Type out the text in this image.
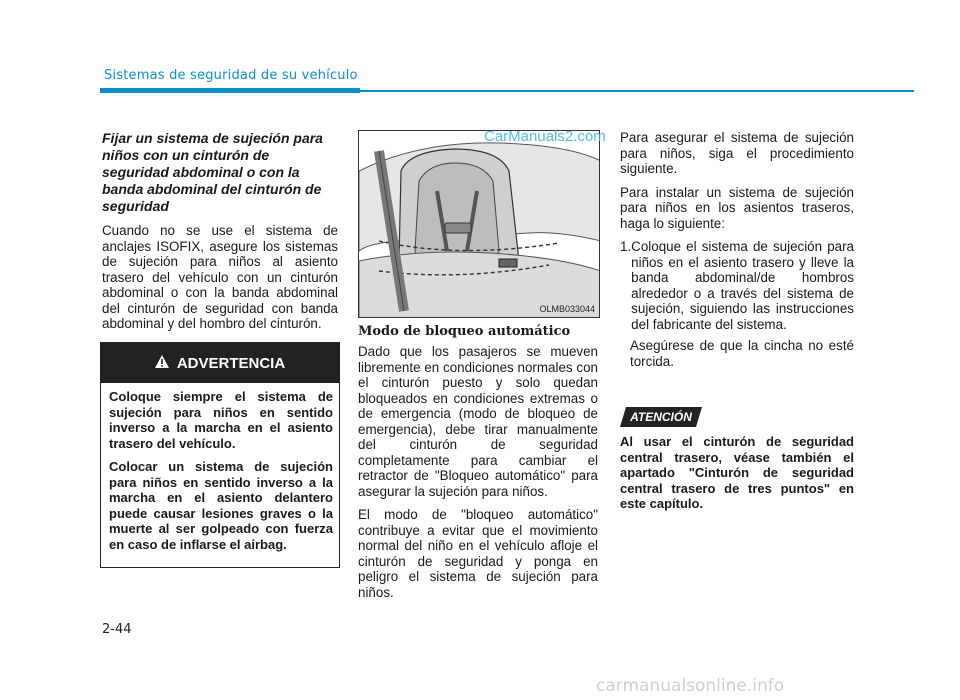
Sistemas de seguridad de su vehículo

Fijar un sistema de sujeción para niños con un cinturón de seguridad abdominal o con la banda abdominal del cinturón de seguridad

Cuando no se use el sistema de anclajes ISOFIX, asegure los sistemas de sujeción para niños al asiento trasero del vehículo con un cinturón abdominal o con la banda abdominal del cinturón de seguridad con banda abdominal y del hombro del cinturón.

ADVERTENCIA

Coloque siempre el sistema de sujeción para niños en sentido inverso a la marcha en el asiento trasero del vehículo.

Colocar un sistema de sujeción para niños en sentido inverso a la marcha en el asiento delantero puede causar lesiones graves o la muerte al ser golpeado con fuerza en caso de inflarse el airbag.

OLMB033044
CarManuals2.com
Modo de bloqueo automático

Dado que los pasajeros se mueven libremente en condiciones normales con el cinturón puesto y solo quedan bloqueados en condiciones extremas o de emergencia (modo de bloqueo de emergencia), debe tirar manualmente del cinturón de seguridad completamente para cambiar el retractor de "Bloqueo automático" para asegurar la sujeción para niños.

El modo de "bloqueo automático" contribuye a evitar que el movimiento normal del niño en el vehículo afloje el cinturón de seguridad y ponga en peligro el sistema de sujeción para niños.

Para asegurar el sistema de sujeción para niños, siga el procedimiento siguiente.

Para instalar un sistema de sujeción para niños en los asientos traseros, haga lo siguiente:

1. Coloque el sistema de sujeción para niños en el asiento trasero y lleve la banda abdominal/de hombros alrededor o a través del sistema de sujeción, siguiendo las instrucciones del fabricante del sistema.

Asegúrese de que la cincha no esté torcida.

ATENCIÓN

Al usar el cinturón de seguridad central trasero, véase también el apartado "Cinturón de seguridad central trasero de tres puntos" en este capítulo.

2-44
carmanualsonline.info
